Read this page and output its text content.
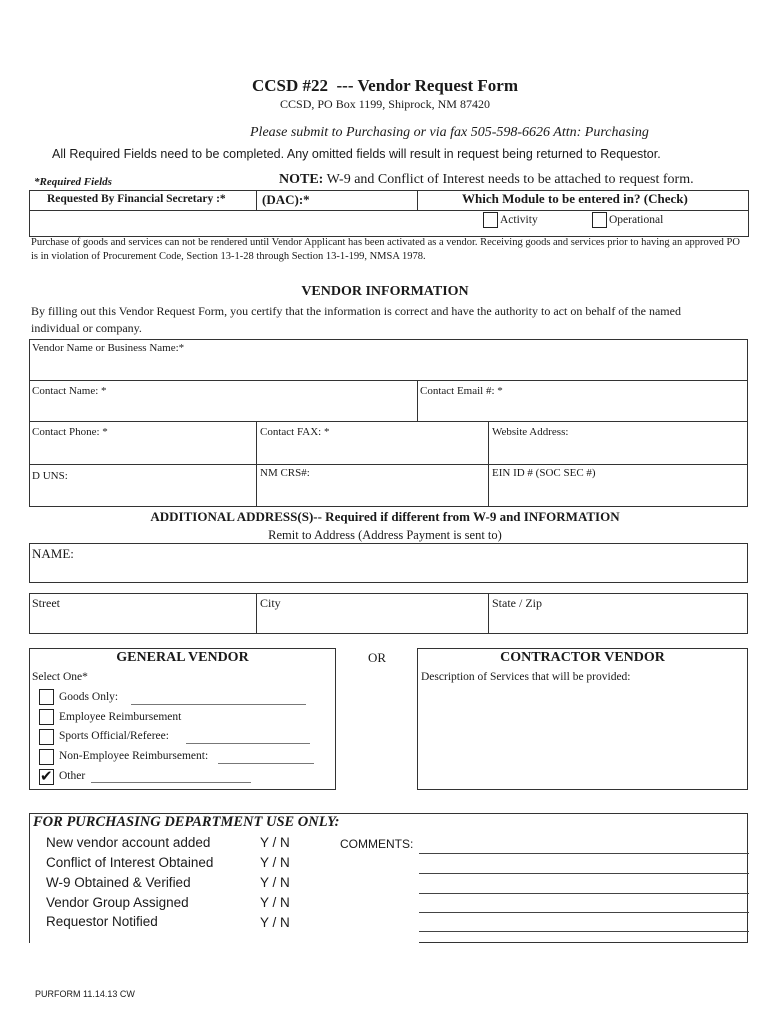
CCSD #22  --- Vendor Request Form
CCSD, PO Box 1199, Shiprock, NM 87420
Please submit to Purchasing or via fax 505-598-6626 Attn: Purchasing
All Required Fields need to be completed. Any omitted fields will result in request being returned to Requestor.
*Required Fields	NOTE: W-9 and Conflict of Interest needs to be attached to request form.
Requested By Financial Secretary :*	(DAC):*	Which Module to be entered in? (Check)
Activity	Operational
Purchase of goods and services can not be rendered until Vendor Applicant has been activated as a vendor. Receiving goods and services prior to having an approved PO is in violation of Procurement Code, Section 13-1-28 through Section 13-1-199, NMSA 1978.
VENDOR INFORMATION
By filling out this Vendor Request Form, you certify that the information is correct and have the authority to act on behalf of the named individual or company.
Vendor Name or Business Name:*
Contact Name: *	Contact Email #: *
Contact Phone: *	Contact FAX: *	Website Address:
D UNS:	NM CRS#:	EIN ID # (SOC SEC #)
ADDITIONAL ADDRESS(S)-- Required if different from W-9 and INFORMATION
Remit to Address (Address Payment is sent to)
NAME:
Street	City	State / Zip
GENERAL VENDOR	OR	CONTRACTOR VENDOR
Description of Services that will be provided:
Select One*
Goods Only:
Employee Reimbursement
Sports Official/Referee:
Non-Employee Reimbursement:
✔ Other
FOR PURCHASING DEPARTMENT USE ONLY:
New vendor account added	Y / N
Conflict of Interest Obtained	Y / N
W-9 Obtained & Verified	Y / N
Vendor Group Assigned	Y / N
Requestor Notified	Y / N
COMMENTS:
PURFORM 11.14.13 CW
